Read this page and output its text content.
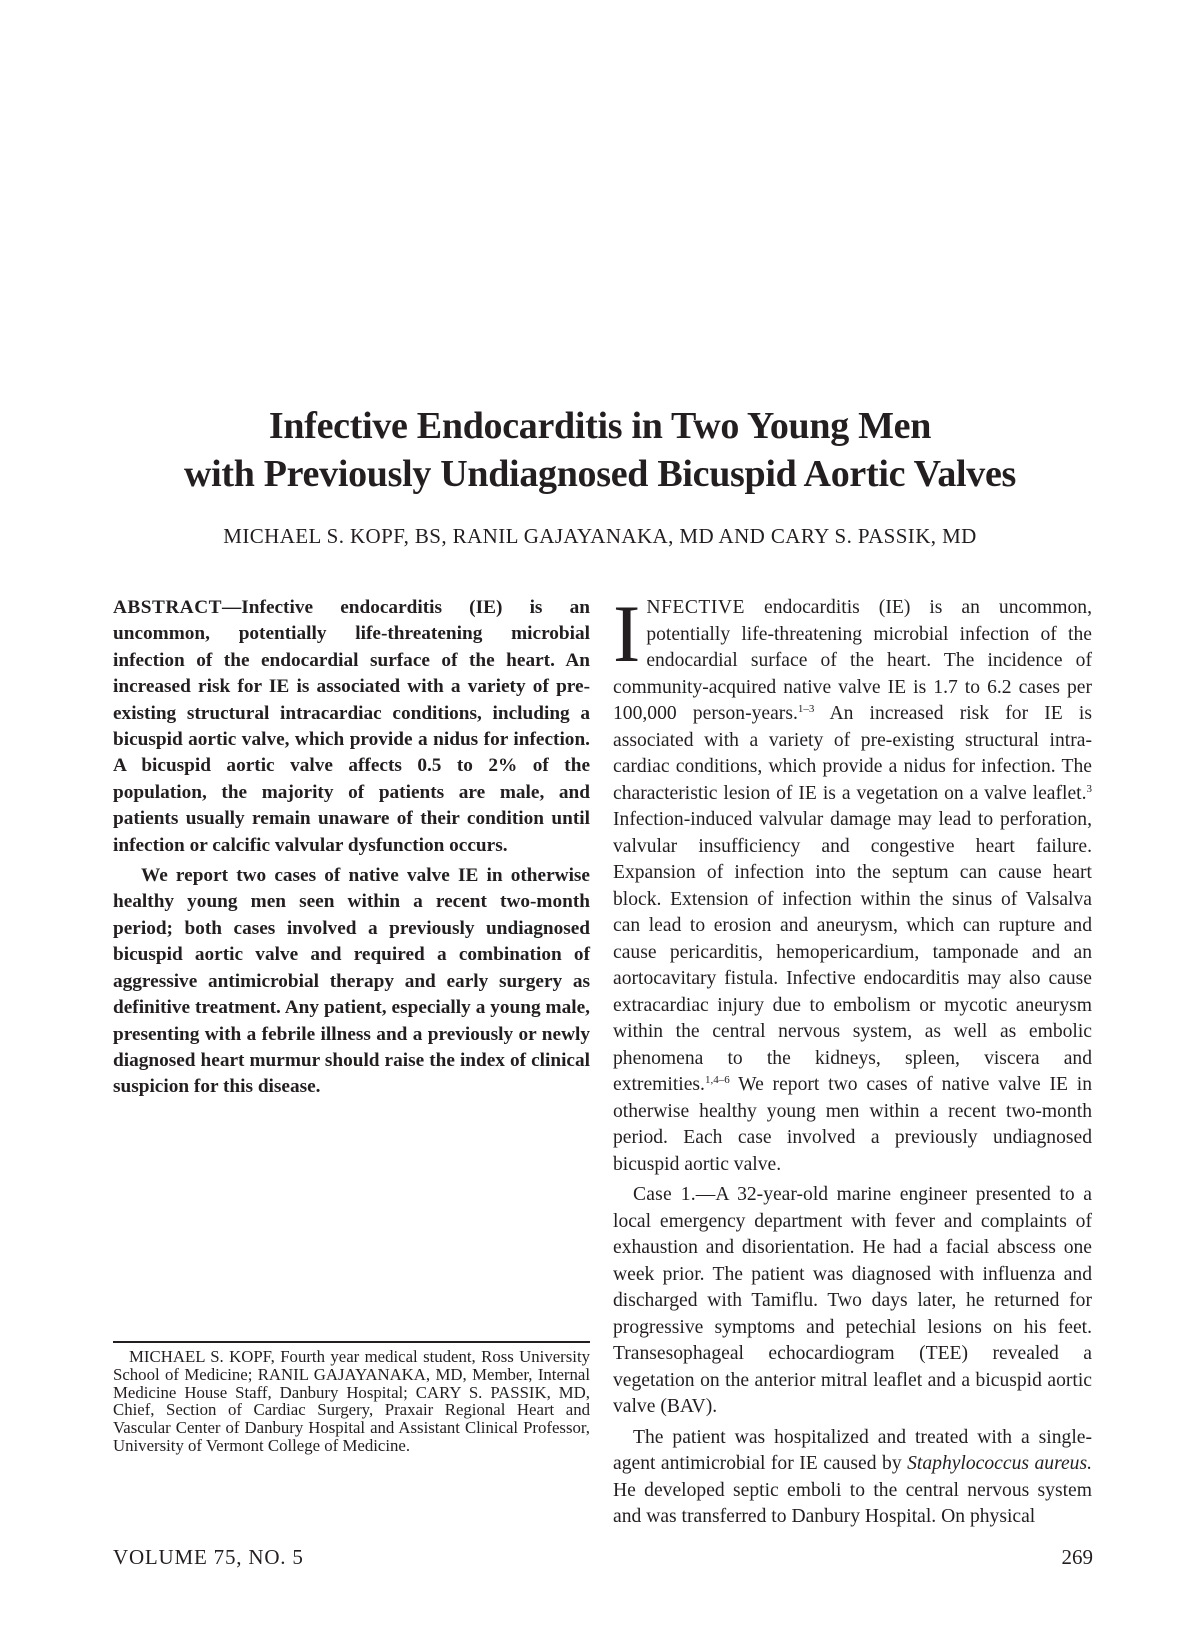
Infective Endocarditis in Two Young Men
with Previously Undiagnosed Bicuspid Aortic Valves

MICHAEL S. KOPF, BS, RANIL GAJAYANAKA, MD AND CARY S. PASSIK, MD

ABSTRACT—Infective endocarditis (IE) is an uncommon, potentially life-threatening microbial infection of the endocardial surface of the heart. An increased risk for IE is associated with a variety of pre-existing structural intracardiac conditions, including a bicuspid aortic valve, which provide a nidus for infection. A bicuspid aortic valve affects 0.5 to 2% of the population, the majority of patients are male, and patients usually remain unaware of their condition until infection or calcific valvular dysfunction occurs.

We report two cases of native valve IE in otherwise healthy young men seen within a recent two-month period; both cases involved a previously undiagnosed bicuspid aortic valve and required a combination of aggressive antimicrobial therapy and early surgery as definitive treatment. Any patient, especially a young male, presenting with a febrile illness and a previously or newly diagnosed heart murmur should raise the index of clinical suspicion for this disease.

MICHAEL S. KOPF, Fourth year medical student, Ross University School of Medicine; RANIL GAJAYANAKA, MD, Member, Internal Medicine House Staff, Danbury Hospital; CARY S. PASSIK, MD, Chief, Section of Cardiac Surgery, Praxair Regional Heart and Vascular Center of Danbury Hospital and Assistant Clinical Professor, University of Vermont College of Medicine.

INFECTIVE endocarditis (IE) is an uncommon, potentially life-threatening microbial infection of the endocardial surface of the heart. The incidence of community-acquired native valve IE is 1.7 to 6.2 cases per 100,000 person-years.$^{1-3}$ An increased risk for IE is associated with a variety of pre-existing structural intracardiac conditions, which provide a nidus for infection. The characteristic lesion of IE is a vegetation on a valve leaflet.$^3$ Infection-induced valvular damage may lead to perforation, valvular insufficiency and congestive heart failure. Expansion of infection into the septum can cause heart block. Extension of infection within the sinus of Valsalva can lead to erosion and aneurysm, which can rupture and cause pericarditis, hemopericardium, tamponade and an aortocavitary fistula. Infective endocarditis may also cause extracardiac injury due to embolism or mycotic aneurysm within the central nervous system, as well as embolic phenomena to the kidneys, spleen, viscera and extremities.$^{1,4-6}$ We report two cases of native valve IE in otherwise healthy young men within a recent two-month period. Each case involved a previously undiagnosed bicuspid aortic valve.

Case 1.—A 32-year-old marine engineer presented to a local emergency department with fever and complaints of exhaustion and disorientation. He had a facial abscess one week prior. The patient was diagnosed with influenza and discharged with Tamiflu. Two days later, he returned for progressive symptoms and petechial lesions on his feet. Transesophageal echocardiogram (TEE) revealed a vegetation on the anterior mitral leaflet and a bicuspid aortic valve (BAV).

The patient was hospitalized and treated with a single-agent antimicrobial for IE caused by Staphylococcus aureus. He developed septic emboli to the central nervous system and was transferred to Danbury Hospital. On physical

VOLUME 75, NO. 5	269
